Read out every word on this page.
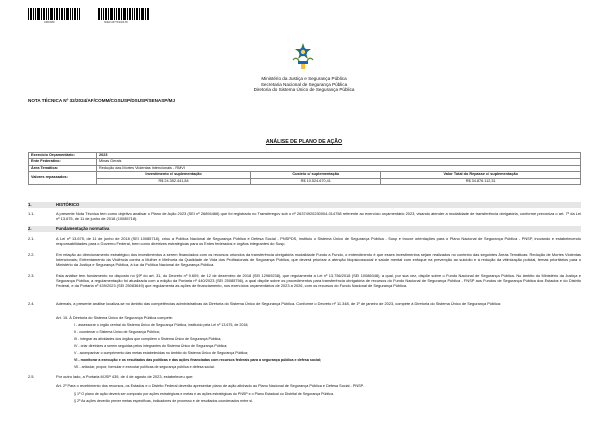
24801956	SNEO-00773/2023-55
Ministério da Justiça e Segurança Pública
Secretaria Nacional de Segurança Pública
Diretoria do Sistema Único de Segurança Pública
NOTA TÉCNICA Nº 32/2024/AF/COMM/CGSUSP/DSUSP/SENASP/MJ
ANÁLISE DE PLANO DE AÇÃO
Exercício Orçamentário:	2023		
Ente Federativo:	Minas Gerais		
Área Temática:	Redução das Mortes Violentas Intencionais - RMVI		
Valores repassados:	Investimento c/ suplementação	Custeio c/ suplementação	Valor Total do Repasse c/ suplementação
	R$ 24.352.441,84	R$ 10.524.670,41	R$ 34.876.112,31
1.	HISTÓRICO
1.1.	A presente Nota Técnica tem como objetivo analisar o Plano de Ação 2023 (SEI nº 26894466) que foi registrado no Transferegov sob o nº 26374920230004-014758 referente ao exercício orçamentário 2023, visando atender a modalidade de transferência obrigatória, conforme preconiza o art. 7º da Lei nº 13.675, de 11 de junho de 2018 (10085718).
2.	Fundamentação normativa
2.1.	A Lei nº 13.675, de 11 de junho de 2018 (SEI 10085718), criou a Política Nacional de Segurança Pública e Defesa Social - PNSPDS, instituiu o Sistema Único de Segurança Pública - Susp e trouxe orientações para o Plano Nacional de Segurança Pública - PNSP, inovando e estabelecendo responsabilidades para o Governo Federal, bem como diretrizes estratégicas para os Entes federados e órgãos integrantes do Susp.
2.2.	Em relação ao direcionamento estratégico dos investimentos a serem financiados com os recursos oriundos da transferência obrigatória modalidade Fundo a Fundo, o entendimento é que esses investimentos sejam realizados no contexto das seguintes Áreas Temáticas: Redução de Mortes Violentas Intencionais; Enfrentamento da Violência contra a Mulher e Melhoria da Qualidade de Vida dos Profissionais de Segurança Pública, que deverá priorizar a atenção biopsicossocial e saúde mental com enfoque na prevenção ao suicídio e à redução da vitimização policial, temas prioritários para o Ministério da Justiça e Segurança Pública, à luz da Política Nacional de Segurança Pública.
2.3.	Esta análise tem fundamento no disposto no §9º do art. 31, do Decreto nº 9.609, de 12 de dezembro de 2018 (SEI 12969238), que regulamenta a Lei nº 13.756/2018 (SEI 10086048), a qual, por sua vez, dispõe sobre o Fundo Nacional de Segurança Pública. No âmbito do Ministério da Justiça e Segurança Pública, a regulamentação foi atualizada com a edição da Portaria nº 440/2023 (SEI 25085756), a qual dispõe sobre os procedimentos para transferência obrigatória de recursos do Fundo Nacional de Segurança Pública - FNSP aos Fundos de Segurança Pública dos Estados e do Distrito Federal, e da Portaria nº 439/2023 (SEI 25083649) que regulamenta as ações de financiamento, nos exercícios orçamentários de 2023 a 2026, com os recursos do Fundo Nacional de Segurança Pública.
2.4.	Ademais, a presente análise localiza-se no âmbito das competências administrativas da Diretoria do Sistema Único de Segurança Pública. Conforme o Decreto nº 11.348, de 1º de janeiro de 2023, compete à Diretoria do Sistema Único de Segurança Pública:
Art. 15. À Diretoria do Sistema Único de Segurança Pública compete:
I - assessorar o órgão central do Sistema Único de Segurança Pública, instituído pela Lei nº 13.675, de 2018;
II - coordenar o Sistema Único de Segurança Pública;
III - integrar as atividades dos órgãos que compõem o Sistema Único de Segurança Pública;
IV - criar diretrizes a serem seguidas pelos integrantes do Sistema Único de Segurança Pública;
V - acompanhar o cumprimento das metas estabelecidas no âmbito do Sistema Único de Segurança Pública;
VI - monitorar a execução e os resultados das políticas e das ações financiadas com recursos federais para a segurança pública e defesa social;
VII - articular, propor, formular e executar políticas de segurança pública e defesa social.
2.5.	Por outro lado, a Portaria MJSP 439, de 4 de agosto de 2023, estabeleceu que:
Art. 2º Para o recebimento dos recursos, os Estados e o Distrito Federal deverão apresentar plano de ação alinhado ao Plano Nacional de Segurança Pública e Defesa Social - PNSP.
§ 1º O plano de ação deverá ser composto por ações estratégicas e metas e as ações estratégicas do PNSP e o Plano Estadual ou Distrital de Segurança Pública.
§ 2º As ações deverão prever metas específicas, indicadores de processo e de resultados coordenados entre si.
